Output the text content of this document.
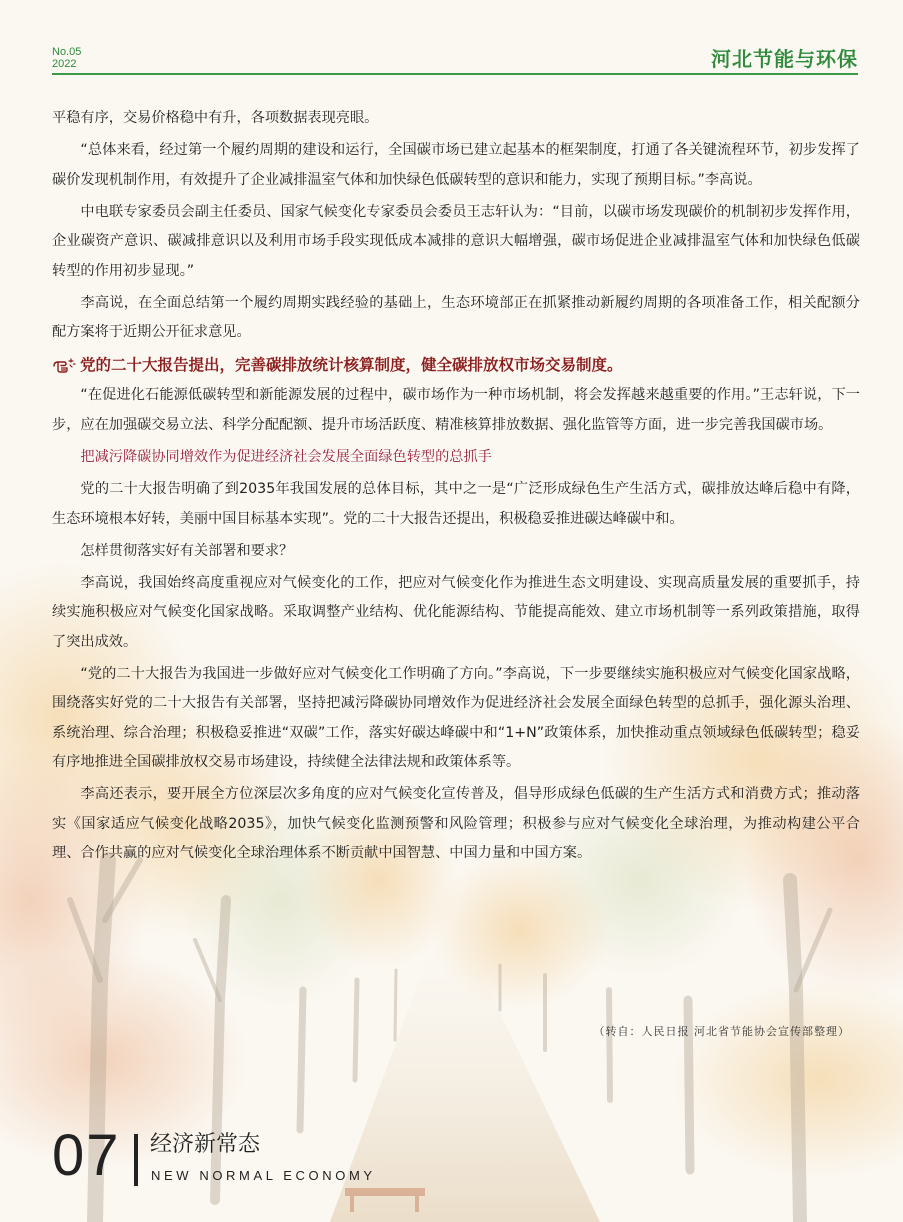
No.05
2022	河北节能与环保

平稳有序，交易价格稳中有升，各项数据表现亮眼。

“总体来看，经过第一个履约周期的建设和运行，全国碳市场已建立起基本的框架制度，打通了各关键流程环节，初步发挥了碳价发现机制作用，有效提升了企业减排温室气体和加快绿色低碳转型的意识和能力，实现了预期目标。”李高说。

中电联专家委员会副主任委员、国家气候变化专家委员会委员王志轩认为：“目前，以碳市场发现碳价的机制初步发挥作用，企业碳资产意识、碳减排意识以及利用市场手段实现低成本减排的意识大幅增强，碳市场促进企业减排温室气体和加快绿色低碳转型的作用初步显现。”

李高说，在全面总结第一个履约周期实践经验的基础上，生态环境部正在抓紧推动新履约周期的各项准备工作，相关配额分配方案将于近期公开征求意见。

党的二十大报告提出，完善碳排放统计核算制度，健全碳排放权市场交易制度。

“在促进化石能源低碳转型和新能源发展的过程中，碳市场作为一种市场机制，将会发挥越来越重要的作用。”王志轩说，下一步，应在加强碳交易立法、科学分配配额、提升市场活跃度、精准核算排放数据、强化监管等方面，进一步完善我国碳市场。

把减污降碳协同增效作为促进经济社会发展全面绿色转型的总抓手

党的二十大报告明确了到2035年我国发展的总体目标，其中之一是“广泛形成绿色生产生活方式，碳排放达峰后稳中有降，生态环境根本好转，美丽中国目标基本实现”。党的二十大报告还提出，积极稳妥推进碳达峰碳中和。

怎样贯彻落实好有关部署和要求？

李高说，我国始终高度重视应对气候变化的工作，把应对气候变化作为推进生态文明建设、实现高质量发展的重要抓手，持续实施积极应对气候变化国家战略。采取调整产业结构、优化能源结构、节能提高能效、建立市场机制等一系列政策措施，取得了突出成效。

“党的二十大报告为我国进一步做好应对气候变化工作明确了方向。”李高说，下一步要继续实施积极应对气候变化国家战略，围绕落实好党的二十大报告有关部署，坚持把减污降碳协同增效作为促进经济社会发展全面绿色转型的总抓手，强化源头治理、系统治理、综合治理；积极稳妥推进“双碳”工作，落实好碳达峰碳中和“1+N”政策体系，加快推动重点领域绿色低碳转型；稳妥有序地推进全国碳排放权交易市场建设，持续健全法律法规和政策体系等。

李高还表示，要开展全方位深层次多角度的应对气候变化宣传普及，倡导形成绿色低碳的生产生活方式和消费方式；推动落实《国家适应气候变化战略2035》，加快气候变化监测预警和风险管理；积极参与应对气候变化全球治理，为推动构建公平合理、合作共赢的应对气候变化全球治理体系不断贡献中国智慧、中国力量和中国方案。

（转自：人民日报 河北省节能协会宣传部整理）
07 经济新常态
NEW NORMAL ECONOMY
